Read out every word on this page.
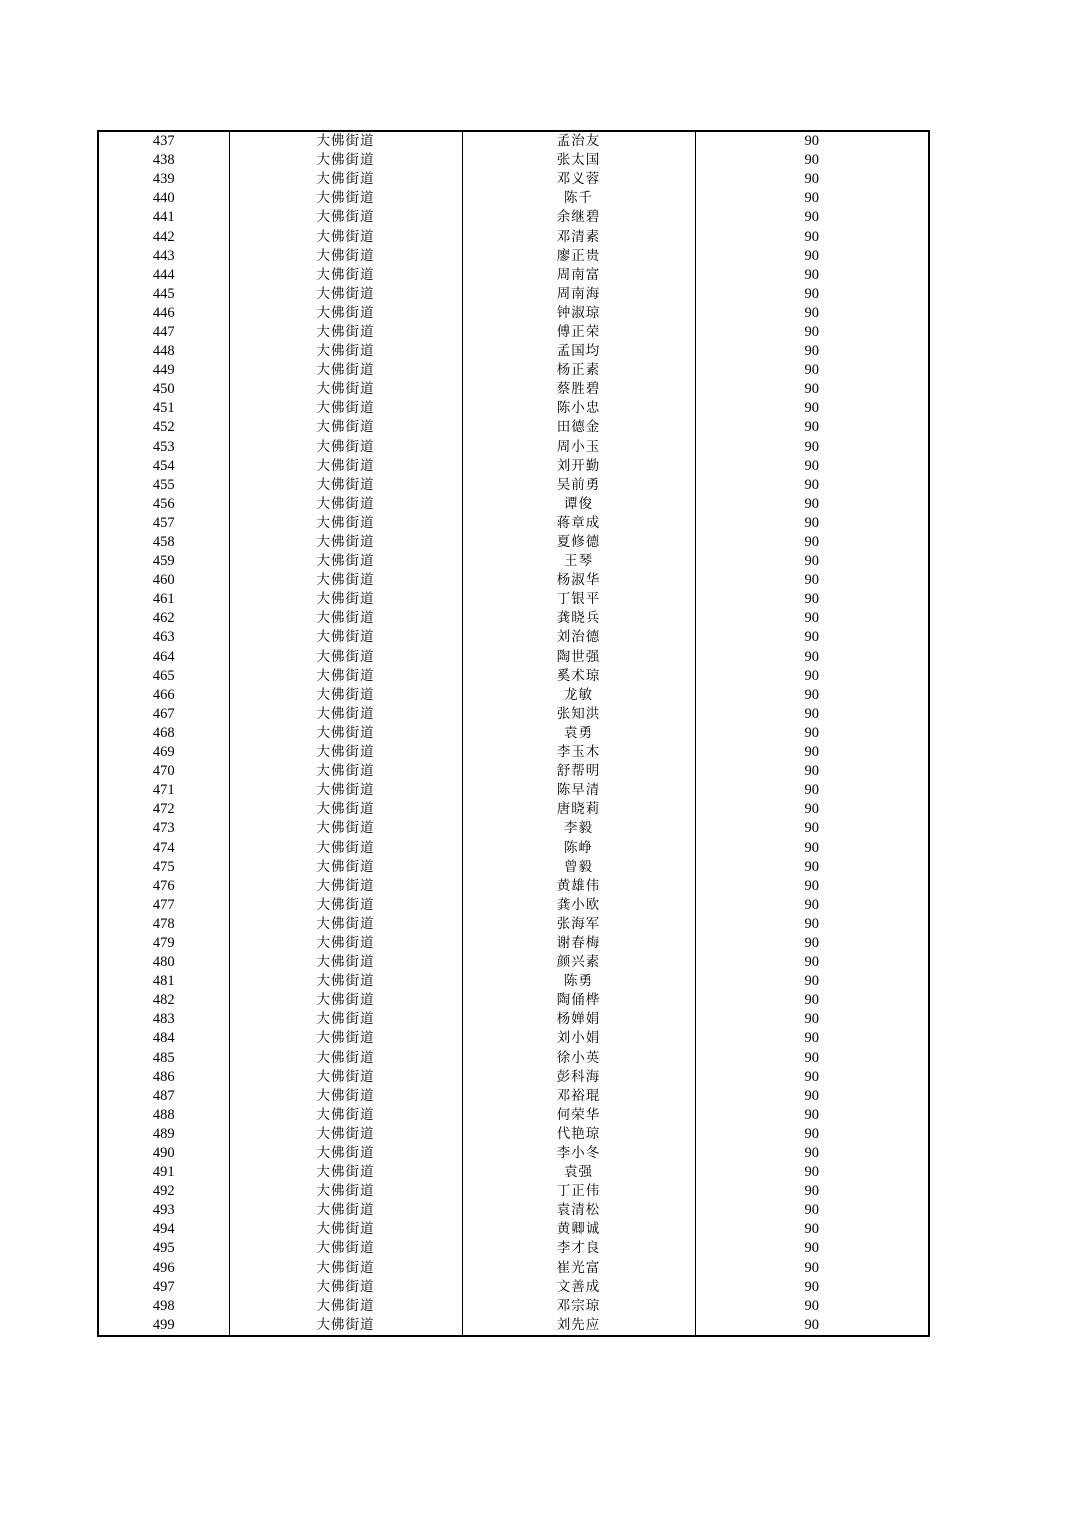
437	大佛街道	孟治友	90
438	大佛街道	张太国	90
439	大佛街道	邓义蓉	90
440	大佛街道	陈千	90
441	大佛街道	余继碧	90
442	大佛街道	邓清素	90
443	大佛街道	廖正贵	90
444	大佛街道	周南富	90
445	大佛街道	周南海	90
446	大佛街道	钟淑琼	90
447	大佛街道	傅正荣	90
448	大佛街道	孟国均	90
449	大佛街道	杨正素	90
450	大佛街道	蔡胜碧	90
451	大佛街道	陈小忠	90
452	大佛街道	田德金	90
453	大佛街道	周小玉	90
454	大佛街道	刘开勤	90
455	大佛街道	吴前勇	90
456	大佛街道	谭俊	90
457	大佛街道	蒋章成	90
458	大佛街道	夏修德	90
459	大佛街道	王琴	90
460	大佛街道	杨淑华	90
461	大佛街道	丁银平	90
462	大佛街道	龚晓兵	90
463	大佛街道	刘治德	90
464	大佛街道	陶世强	90
465	大佛街道	奚术琼	90
466	大佛街道	龙敏	90
467	大佛街道	张知洪	90
468	大佛街道	袁勇	90
469	大佛街道	李玉木	90
470	大佛街道	舒帮明	90
471	大佛街道	陈早清	90
472	大佛街道	唐晓莉	90
473	大佛街道	李毅	90
474	大佛街道	陈峥	90
475	大佛街道	曾毅	90
476	大佛街道	黄雄伟	90
477	大佛街道	龚小欧	90
478	大佛街道	张海军	90
479	大佛街道	谢春梅	90
480	大佛街道	颜兴素	90
481	大佛街道	陈勇	90
482	大佛街道	陶俑桦	90
483	大佛街道	杨婵娟	90
484	大佛街道	刘小娟	90
485	大佛街道	徐小英	90
486	大佛街道	彭科海	90
487	大佛街道	邓裕琨	90
488	大佛街道	何荣华	90
489	大佛街道	代艳琼	90
490	大佛街道	李小冬	90
491	大佛街道	袁强	90
492	大佛街道	丁正伟	90
493	大佛街道	袁清松	90
494	大佛街道	黄卿诚	90
495	大佛街道	李才良	90
496	大佛街道	崔光富	90
497	大佛街道	文善成	90
498	大佛街道	邓宗琼	90
499	大佛街道	刘先应	90
